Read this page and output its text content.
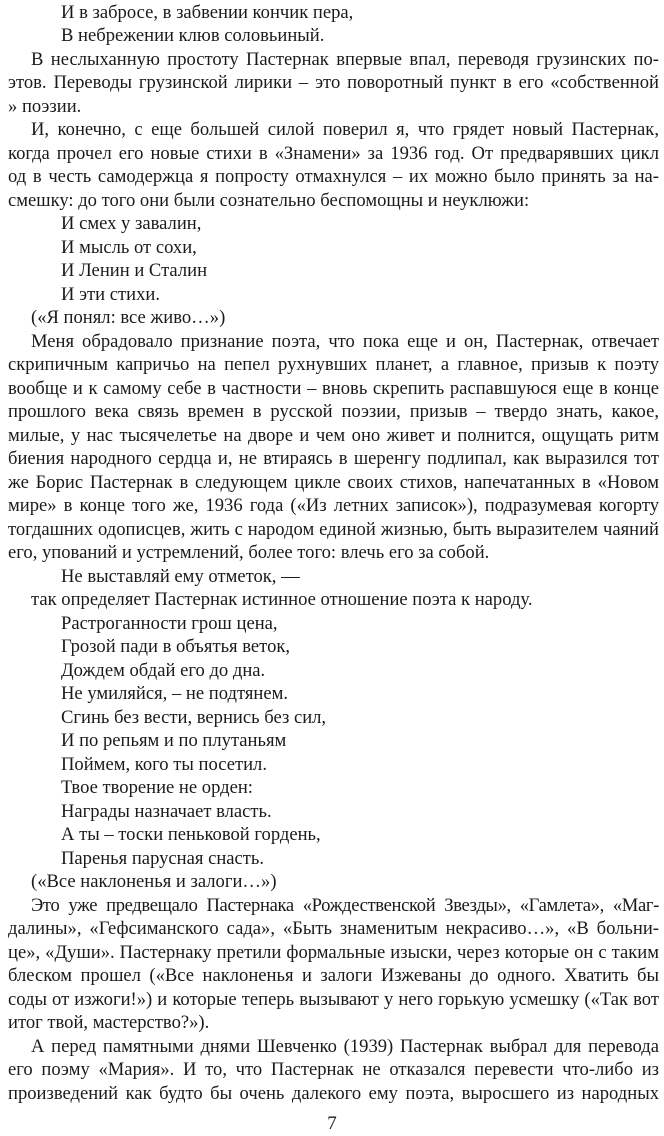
И в забросе, в забвении кончик пера,
В небрежении клюв соловьиный.
В неслыханную простоту Пастернак впервые впал, переводя грузинских по-
этов. Переводы грузинской лирики – это поворотный пункт в его «собственной
» поэзии.
И, конечно, с еще большей силой поверил я, что грядет новый Пастернак,
когда прочел его новые стихи в «Знамени» за 1936 год. От предварявших цикл
од в честь самодержца я попросту отмахнулся – их можно было принять за на-
смешку: до того они были сознательно беспомощны и неуклюжи:
И смех у завалин,
И мысль от сохи,
И Ленин и Сталин
И эти стихи.
(«Я понял: все живо…»)
Меня обрадовало признание поэта, что пока еще и он, Пастернак, отвечает
скрипичным капричьо на пепел рухнувших планет, а главное, призыв к поэту
вообще и к самому себе в частности – вновь скрепить распавшуюся еще в конце
прошлого века связь времен в русской поэзии, призыв – твердо знать, какое,
милые, у нас тысячелетье на дворе и чем оно живет и полнится, ощущать ритм
биения народного сердца и, не втираясь в шеренгу подлипал, как выразился тот
же Борис Пастернак в следующем цикле своих стихов, напечатанных в «Новом
мире» в конце того же, 1936 года («Из летних записок»), подразумевая когорту
тогдашних одописцев, жить с народом единой жизнью, быть выразителем чаяний
его, упований и устремлений, более того: влечь его за собой.
Не выставляй ему отметок, —
так определяет Пастернак истинное отношение поэта к народу.
Растроганности грош цена,
Грозой пади в объятья веток,
Дождем обдай его до дна.
Не умиляйся, – не подтянем.
Сгинь без вести, вернись без сил,
И по репьям и по плутаньям
Поймем, кого ты посетил.
Твое творение не орден:
Награды назначает власть.
А ты – тоски пеньковой гордень,
Паренья парусная снасть.
(«Все наклоненья и залоги…»)
Это уже предвещало Пастернака «Рождественской Звезды», «Гамлета», «Маг-
далины», «Гефсиманского сада», «Быть знаменитым некрасиво…», «В больни-
це», «Души». Пастернаку претили формальные изыски, через которые он с таким
блеском прошел («Все наклоненья и залоги Изжеваны до одного. Хватить бы
соды от изжоги!») и которые теперь вызывают у него горькую усмешку («Так вот
итог твой, мастерство?»).
А перед памятными днями Шевченко (1939) Пастернак выбрал для перевода
его поэму «Мария». И то, что Пастернак не отказался перевести что-либо из
произведений как будто бы очень далекого ему поэта, выросшего из народных
7
